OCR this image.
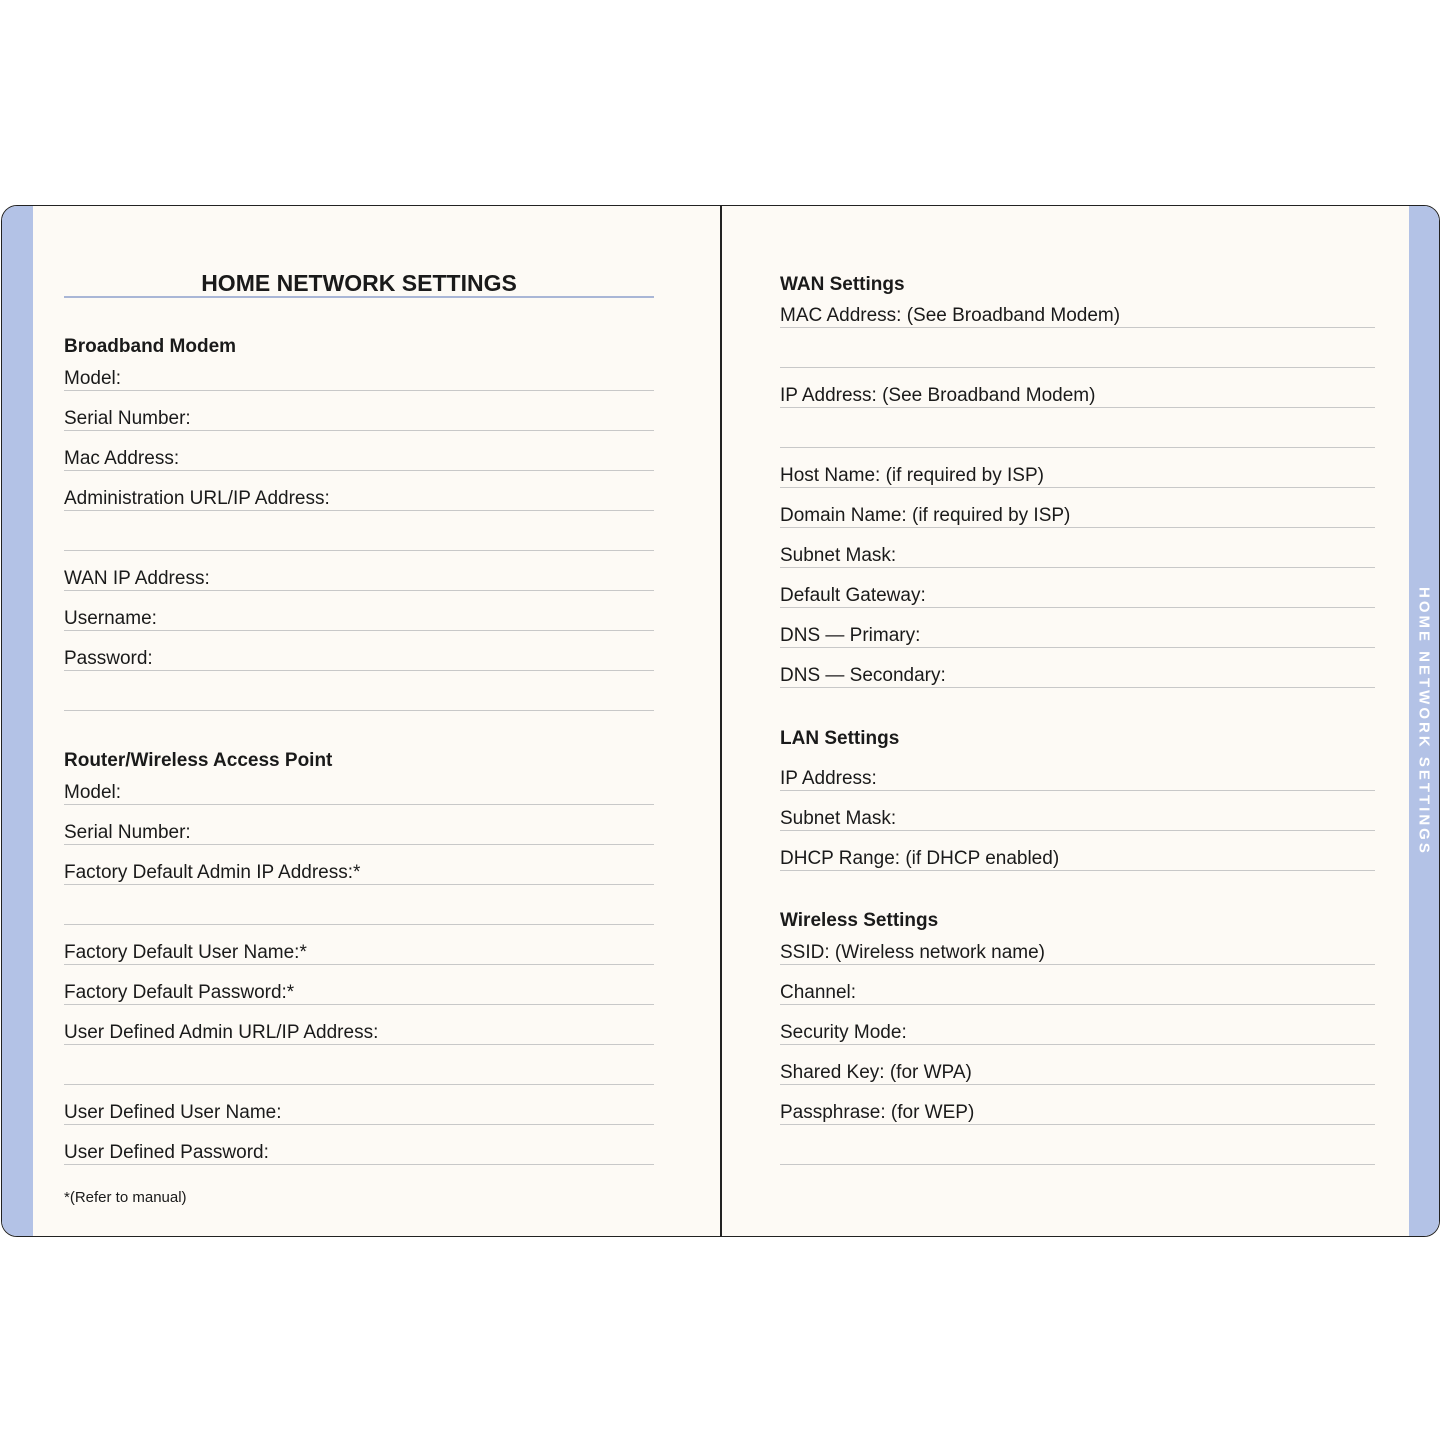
HOME NETWORK SETTINGS
HOME NETWORK SETTINGS
Broadband Modem
Model:
Serial Number:
Mac Address:
Administration URL/IP Address:
WAN IP Address:
Username:
Password:
Router/Wireless Access Point
Model:
Serial Number:
Factory Default Admin IP Address:*
Factory Default User Name:*
Factory Default Password:*
User Defined Admin URL/IP Address:
User Defined User Name:
User Defined Password:
*(Refer to manual)
WAN Settings
MAC Address: (See Broadband Modem)
IP Address: (See Broadband Modem)
Host Name: (if required by ISP)
Domain Name: (if required by ISP)
Subnet Mask:
Default Gateway:
DNS — Primary:
DNS — Secondary:
LAN Settings
IP Address:
Subnet Mask:
DHCP Range: (if DHCP enabled)
Wireless Settings
SSID: (Wireless network name)
Channel:
Security Mode:
Shared Key: (for WPA)
Passphrase: (for WEP)
